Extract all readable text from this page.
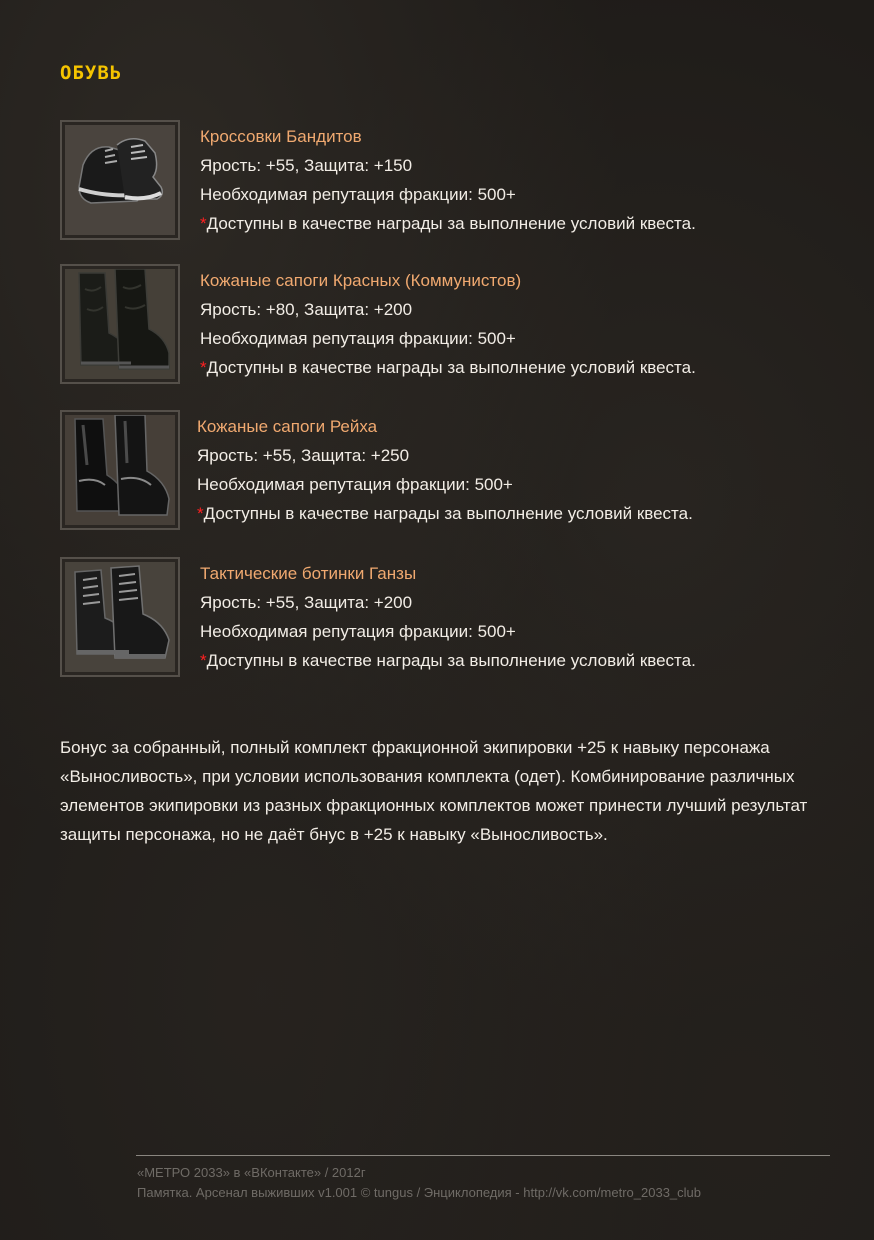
ОБУВЬ
Кроссовки Бандитов
Ярость: +55, Защита: +150
Необходимая репутация фракции: 500+
*Доступны в качестве награды за выполнение условий квеста.
Кожаные сапоги Красных (Коммунистов)
Ярость: +80, Защита: +200
Необходимая репутация фракции: 500+
*Доступны в качестве награды за выполнение условий квеста.
Кожаные сапоги Рейха
Ярость: +55, Защита: +250
Необходимая репутация фракции: 500+
*Доступны в качестве награды за выполнение условий квеста.
Тактические ботинки Ганзы
Ярость: +55, Защита: +200
Необходимая репутация фракции: 500+
*Доступны в качестве награды за выполнение условий квеста.

Бонус за собранный, полный комплект фракционной экипировки +25 к навыку персонажа «Выносливость», при условии использования комплекта (одет). Комбинирование различных элементов экипировки из разных фракционных комплектов может принести лучший результат защиты персонажа, но не даёт бнус в +25 к навыку «Выносливость».

«МЕТРО 2033» в «ВКонтакте» / 2012г
Памятка. Арсенал выживших v1.001 © tungus / Энциклопедия - http://vk.com/metro_2033_club
